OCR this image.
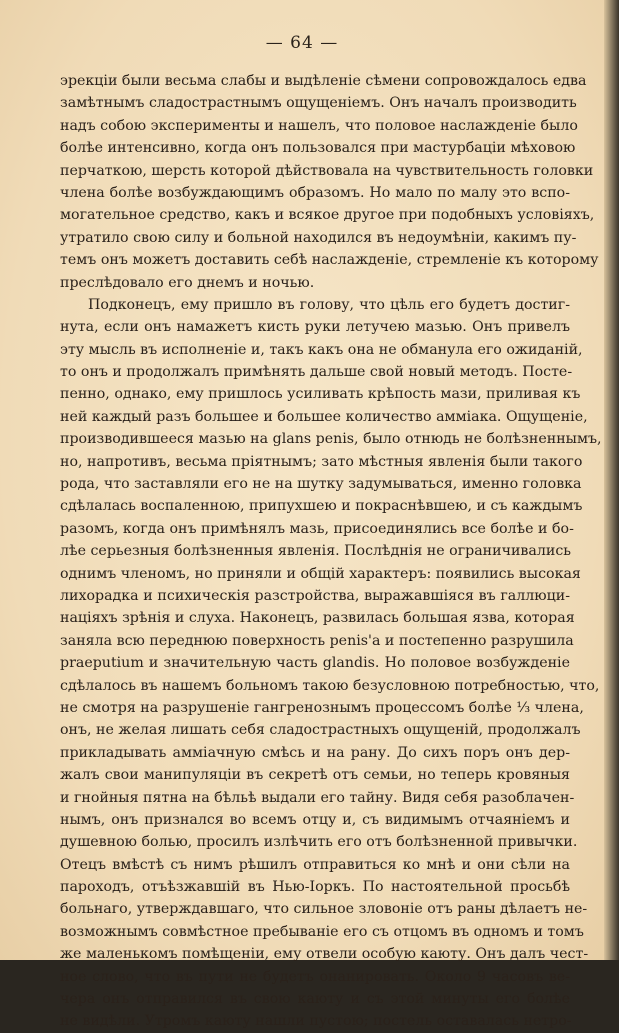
— 64 —
эрекціи были весьма слабы и выдѣленіе сѣмени сопровождалось едва
замѣтнымъ сладострастнымъ ощущеніемъ. Онъ началъ производить
надъ собою эксперименты и нашелъ, что половое наслажденіе было
болѣе интенсивно, когда онъ пользовался при мастурбаціи мѣховою
перчаткою, шерсть которой дѣйствовала на чувствительность головки
члена болѣе возбуждающимъ образомъ. Но мало по малу это вспо-
могательное средство, какъ и всякое другое при подобныхъ условіяхъ,
утратило свою силу и больной находился въ недоумѣніи, какимъ пу-
темъ онъ можетъ доставить себѣ наслажденіе, стремленіе къ которому
преслѣдовало его днемъ и ночью.
Подконецъ, ему пришло въ голову, что цѣль его будетъ достиг-
нута, если онъ намажетъ кисть руки летучею мазью. Онъ привелъ
эту мысль въ исполненіе и, такъ какъ она не обманула его ожиданій,
то онъ и продолжалъ примѣнять дальше свой новый методъ. Посте-
пенно, однако, ему пришлось усиливать крѣпость мази, приливая къ
ней каждый разъ большее и большее количество амміака. Ощущеніе,
производившееся мазью на glans penis, было отнюдь не болѣзненнымъ,
но, напротивъ, весьма пріятнымъ; зато мѣстныя явленія были такого
рода, что заставляли его не на шутку задумываться, именно головка
сдѣлалась воспаленною, припухшею и покраснѣвшею, и съ каждымъ
разомъ, когда онъ примѣнялъ мазь, присоединялись все болѣе и бо-
лѣе серьезныя болѣзненныя явленія. Послѣднія не ограничивались
однимъ членомъ, но приняли и общій характеръ: появились высокая
лихорадка и психическія разстройства, выражавшіяся въ галлюци-
націяхъ зрѣнія и слуха. Наконецъ, развилась большая язва, которая
заняла всю переднюю поверхность penis'a и постепенно разрушила
praeputium и значительную часть glandis. Но половое возбужденіе
сдѣлалось въ нашемъ больномъ такою безусловною потребностью, что,
не смотря на разрушеніе гангренознымъ процессомъ болѣе ⅓ члена,
онъ, не желая лишать себя сладострастныхъ ощущеній, продолжалъ
прикладывать амміачную смѣсь и на рану. До сихъ поръ онъ дер-
жалъ свои манипуляціи въ секретѣ отъ семьи, но теперь кровяныя
и гнойныя пятна на бѣльѣ выдали его тайну. Видя себя разоблачен-
нымъ, онъ признался во всемъ отцу и, съ видимымъ отчаяніемъ и
душевною болью, просилъ излѣчить его отъ болѣзненной привычки.
Отецъ вмѣстѣ съ нимъ рѣшилъ отправиться ко мнѣ и они сѣли на
пароходъ, отъѣзжавшій въ Нью-Іоркъ. По настоятельной просьбѣ
больнаго, утверждавшаго, что сильное зловоніе отъ раны дѣлаетъ не-
возможнымъ совмѣстное пребываніе его съ отцомъ въ одномъ и томъ
же маленькомъ помѣщеніи, ему отвели особую каюту. Онъ далъ чест-
ное слово, что въ пути не будетъ онанировать. Около 9 часовъ ве-
чера онъ отправился въ свою каюту и съ этой минуты его болѣе
не видѣли. Утромъ каюту нашли пустою; постель оставалась нетро-
